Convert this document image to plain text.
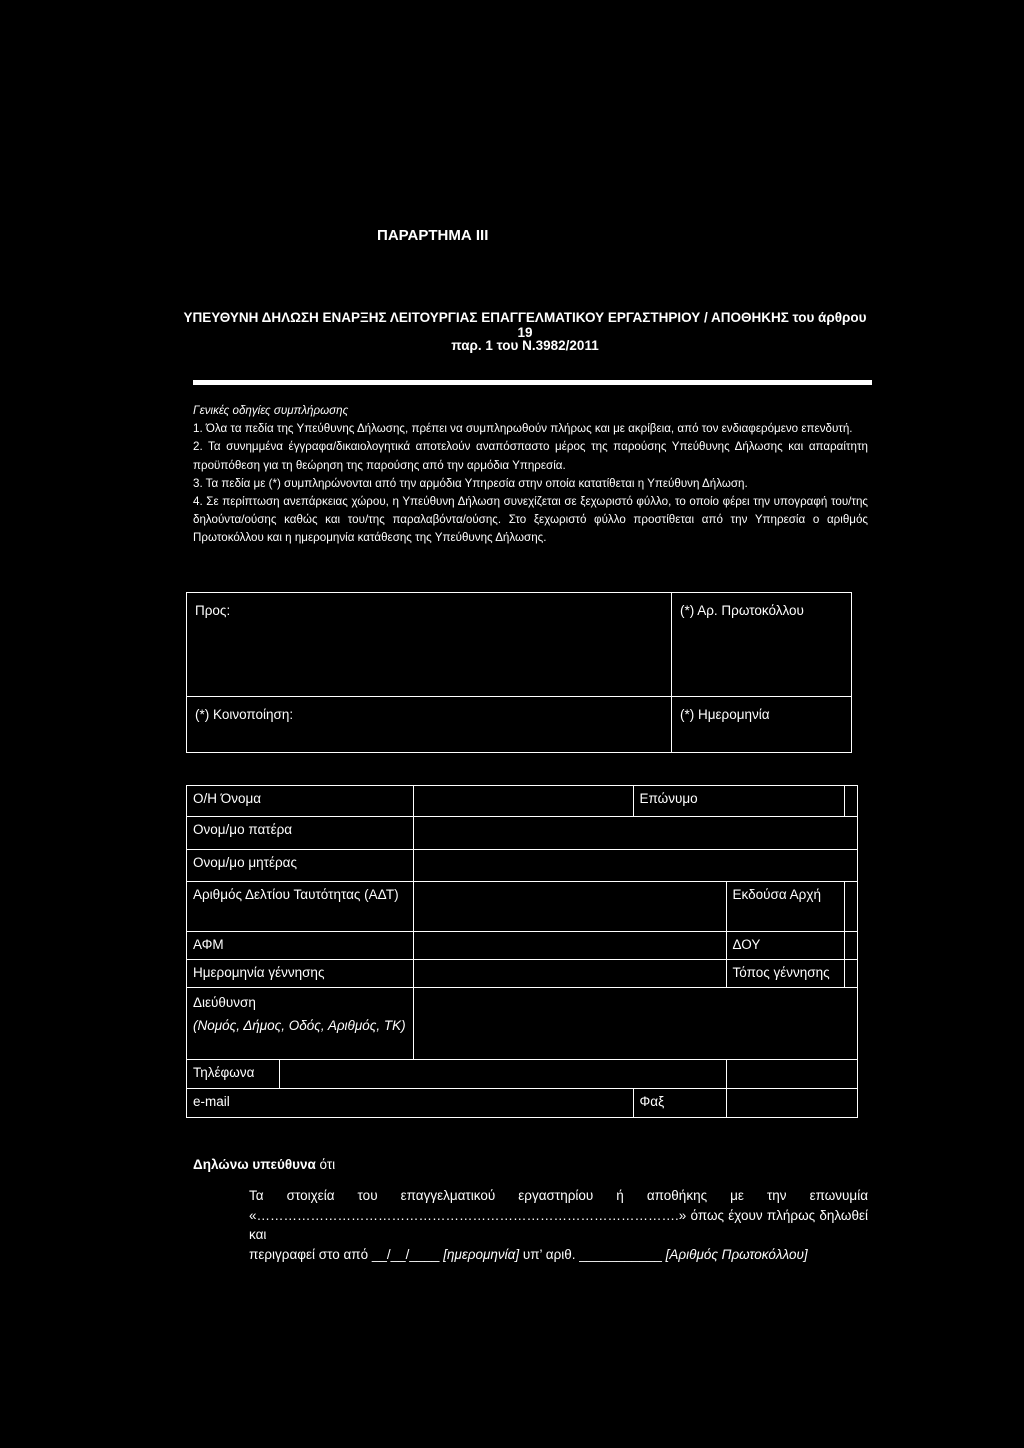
ΠΑΡΑΡΤΗΜΑ ΙΙΙ
ΥΠΕΥΘΥΝΗ ΔΗΛΩΣΗ ΕΝΑΡΞΗΣ ΛΕΙΤΟΥΡΓΙΑΣ ΕΠΑΓΓΕΛΜΑΤΙΚΟΥ ΕΡΓΑΣΤΗΡΙΟΥ / ΑΠΟΘΗΚΗΣ του άρθρου 19
παρ. 1 του Ν.3982/2011

Γενικές οδηγίες συμπλήρωσης

1. Όλα τα πεδία της Υπεύθυνης Δήλωσης, πρέπει να συμπληρωθούν πλήρως και με ακρίβεια, από τον ενδιαφερόμενο επενδυτή.

2. Τα συνημμένα έγγραφα/δικαιολογητικά αποτελούν αναπόσπαστο μέρος της παρούσης Υπεύθυνης Δήλωσης και απαραίτητη προϋπόθεση για τη θεώρηση της παρούσης από την αρμόδια Υπηρεσία.

3. Τα πεδία με (*) συμπληρώνονται από την αρμόδια Υπηρεσία στην οποία κατατίθεται η Υπεύθυνη Δήλωση.

4. Σε περίπτωση ανεπάρκειας χώρου, η Υπεύθυνη Δήλωση συνεχίζεται σε ξεχωριστό φύλλο, το οποίο φέρει την υπογραφή του/της δηλούντα/ούσης καθώς και του/της παραλαβόντα/ούσης. Στο ξεχωριστό φύλλο προστίθεται από την Υπηρεσία ο αριθμός Πρωτοκόλλου και η ημερομηνία κατάθεσης της Υπεύθυνης Δήλωσης.

Προς:	(*) Αρ. Πρωτοκόλλου
(*) Κοινοποίηση:	(*) Ημερομηνία
Ο/Η Όνομα			Επώνυμο		
Ονομ/μο πατέρα					
Ονομ/μο μητέρας					
Αριθμός Δελτίου Ταυτότητας (ΑΔΤ)				Εκδούσα Αρχή	
ΑΦΜ				ΔΟΥ	
Ημερομηνία γέννησης				Τόπος γέννησης	

Διεύθυνση
(Νομός, Δήμος, Οδός, Αριθμός, ΤΚ)					

Τηλέφωνα					
e-mail			Φαξ		
Δηλώνω υπεύθυνα ότι

Τα στοιχεία του επαγγελματικού εργαστηρίου ή αποθήκης με την επωνυμία «………………………………………………………………………………….» όπως έχουν πλήρως δηλωθεί και

περιγραφεί στο από __/__/____ [ημερομηνία] υπ’ αριθ. ___________ [Αριθμός Πρωτοκόλλου]
